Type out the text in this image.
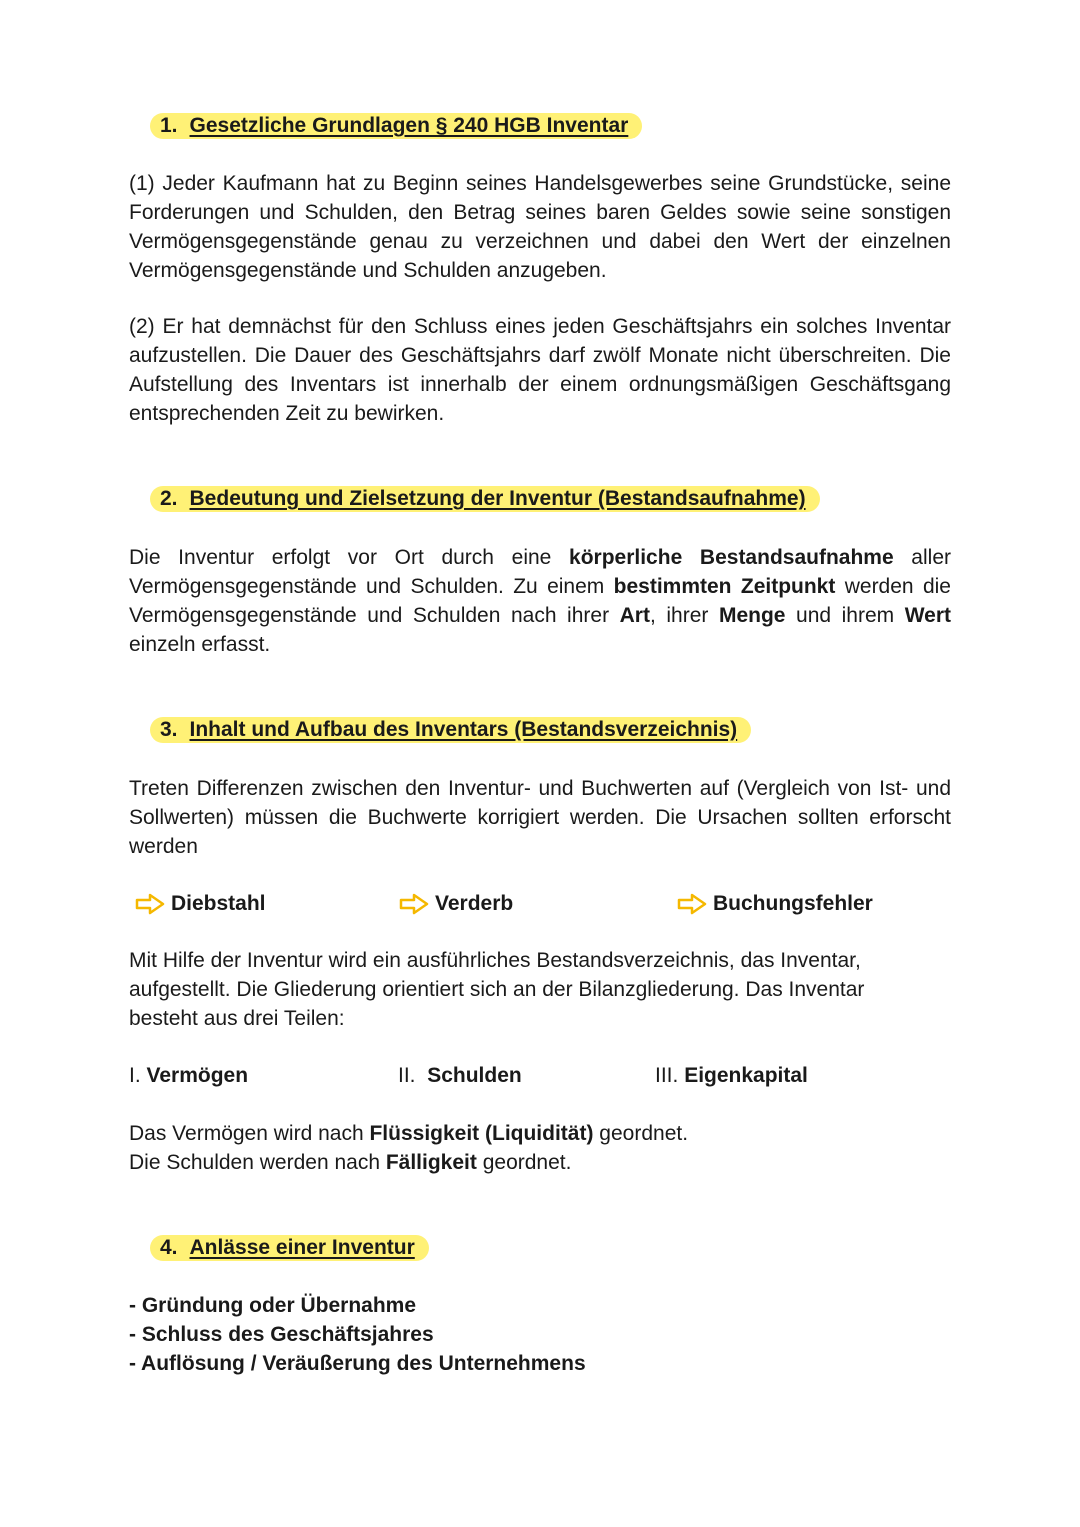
1. Gesetzliche Grundlagen § 240 HGB Inventar

(1) Jeder Kaufmann hat zu Beginn seines Handelsgewerbes seine Grundstücke, seine Forderungen und Schulden, den Betrag seines baren Geldes sowie seine sonstigen Vermögensgegenstände genau zu verzeichnen und dabei den Wert der einzelnen Vermögensgegenstände und Schulden anzugeben.

(2) Er hat demnächst für den Schluss eines jeden Geschäftsjahrs ein solches Inventar aufzustellen. Die Dauer des Geschäftsjahrs darf zwölf Monate nicht überschreiten. Die Aufstellung des Inventars ist innerhalb der einem ordnungsmäßigen Geschäftsgang entsprechenden Zeit zu bewirken.

2. Bedeutung und Zielsetzung der Inventur (Bestandsaufnahme)

Die Inventur erfolgt vor Ort durch eine körperliche Bestandsaufnahme aller Vermögensgegenstände und Schulden. Zu einem bestimmten Zeitpunkt werden die Vermögensgegenstände und Schulden nach ihrer Art, ihrer Menge und ihrem Wert einzeln erfasst.

3. Inhalt und Aufbau des Inventars (Bestandsverzeichnis)

Treten Differenzen zwischen den Inventur- und Buchwerten auf (Vergleich von Ist- und Sollwerten) müssen die Buchwerte korrigiert werden. Die Ursachen sollten erforscht werden

Diebstahl	Verderb	Buchungsfehler

Mit Hilfe der Inventur wird ein ausführliches Bestandsverzeichnis, das Inventar, aufgestellt. Die Gliederung orientiert sich an der Bilanzgliederung. Das Inventar besteht aus drei Teilen:

I. Vermögen	II. Schulden	III. Eigenkapital

Das Vermögen wird nach Flüssigkeit (Liquidität) geordnet.
Die Schulden werden nach Fälligkeit geordnet.

4. Anlässe einer Inventur
- Gründung oder Übernahme
- Schluss des Geschäftsjahres
- Auflösung / Veräußerung des Unternehmens
